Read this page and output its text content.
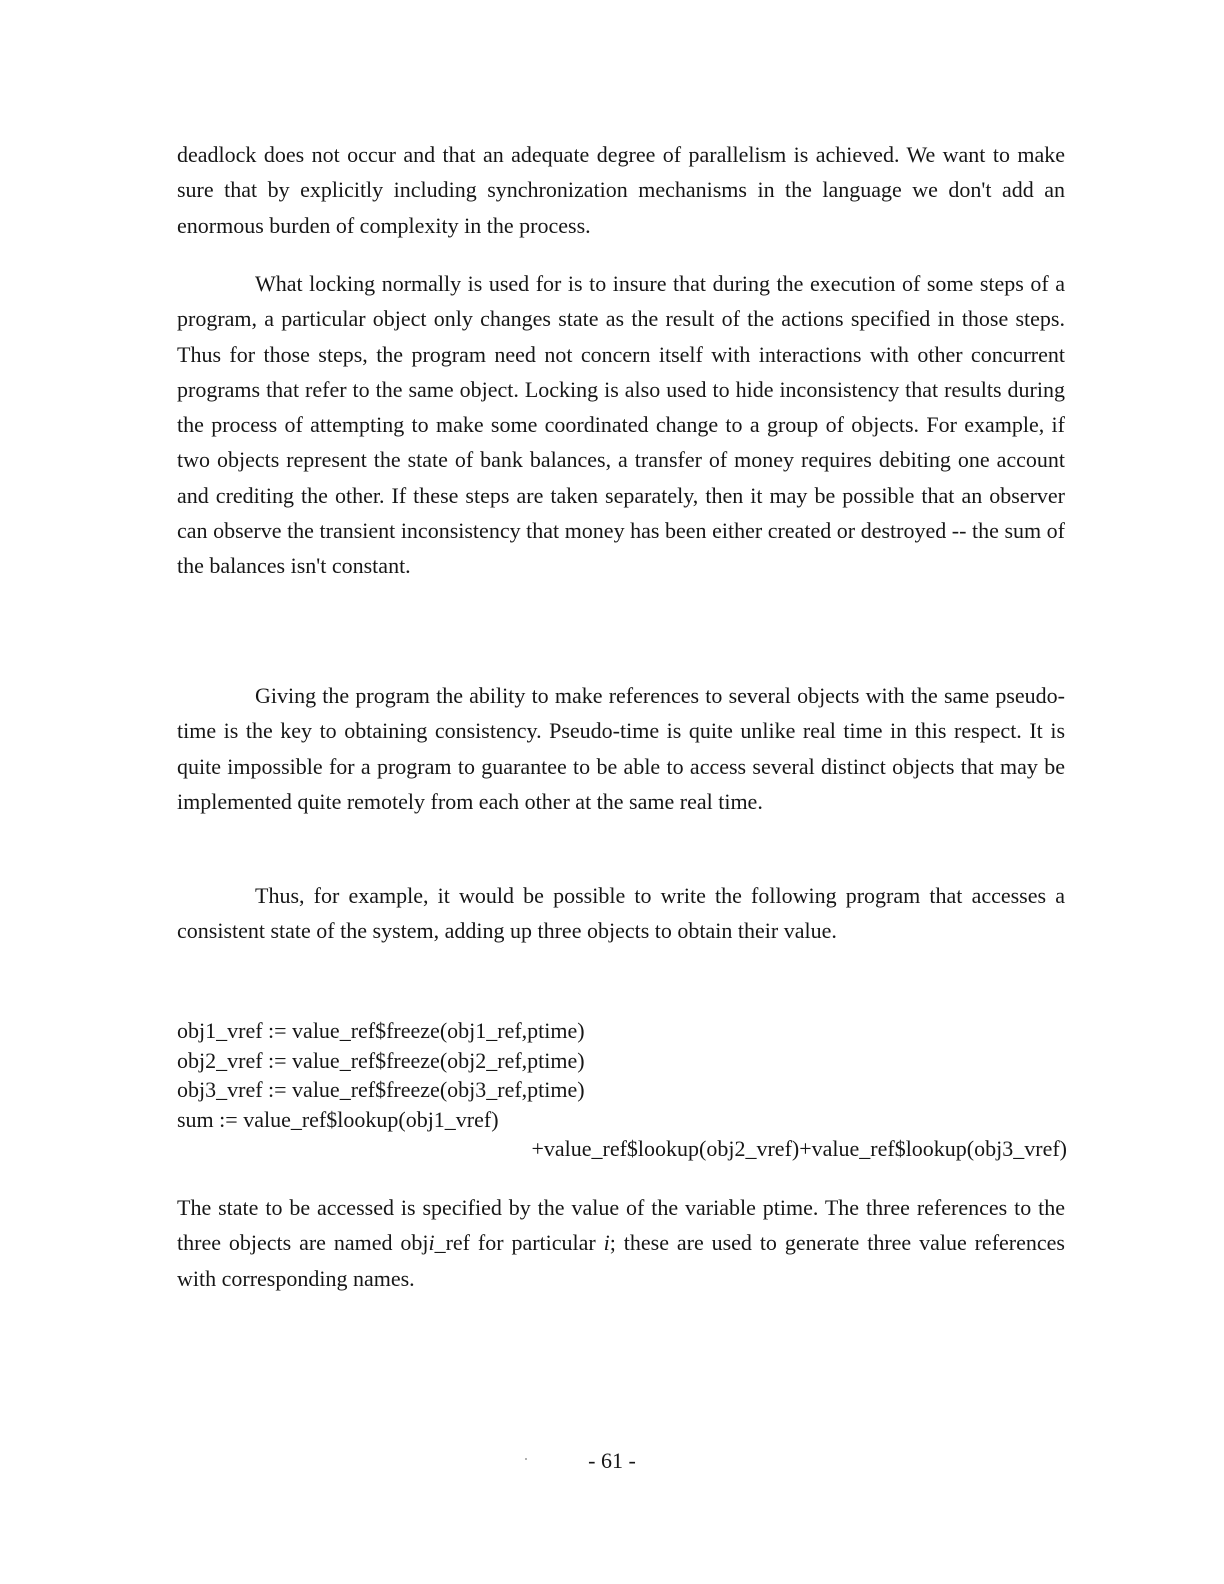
deadlock does not occur and that an adequate degree of parallelism is achieved. We want to make sure that by explicitly including synchronization mechanisms in the language we don't add an enormous burden of complexity in the process.

What locking normally is used for is to insure that during the execution of some steps of a program, a particular object only changes state as the result of the actions specified in those steps. Thus for those steps, the program need not concern itself with interactions with other concurrent programs that refer to the same object. Locking is also used to hide inconsistency that results during the process of attempting to make some coordinated change to a group of objects. For example, if two objects represent the state of bank balances, a transfer of money requires debiting one account and crediting the other. If these steps are taken separately, then it may be possible that an observer can observe the transient inconsistency that money has been either created or destroyed -- the sum of the balances isn't constant.

Giving the program the ability to make references to several objects with the same pseudo-time is the key to obtaining consistency. Pseudo-time is quite unlike real time in this respect. It is quite impossible for a program to guarantee to be able to access several distinct objects that may be implemented quite remotely from each other at the same real time.

Thus, for example, it would be possible to write the following program that accesses a consistent state of the system, adding up three objects to obtain their value.

obj1_vref := value_ref$freeze(obj1_ref,ptime)
obj2_vref := value_ref$freeze(obj2_ref,ptime)
obj3_vref := value_ref$freeze(obj3_ref,ptime)
sum := value_ref$lookup(obj1_vref)
+value_ref$lookup(obj2_vref)+value_ref$lookup(obj3_vref)

The state to be accessed is specified by the value of the variable ptime. The three references to the three objects are named obji_ref for particular i; these are used to generate three value references with corresponding names.

- 61 -
